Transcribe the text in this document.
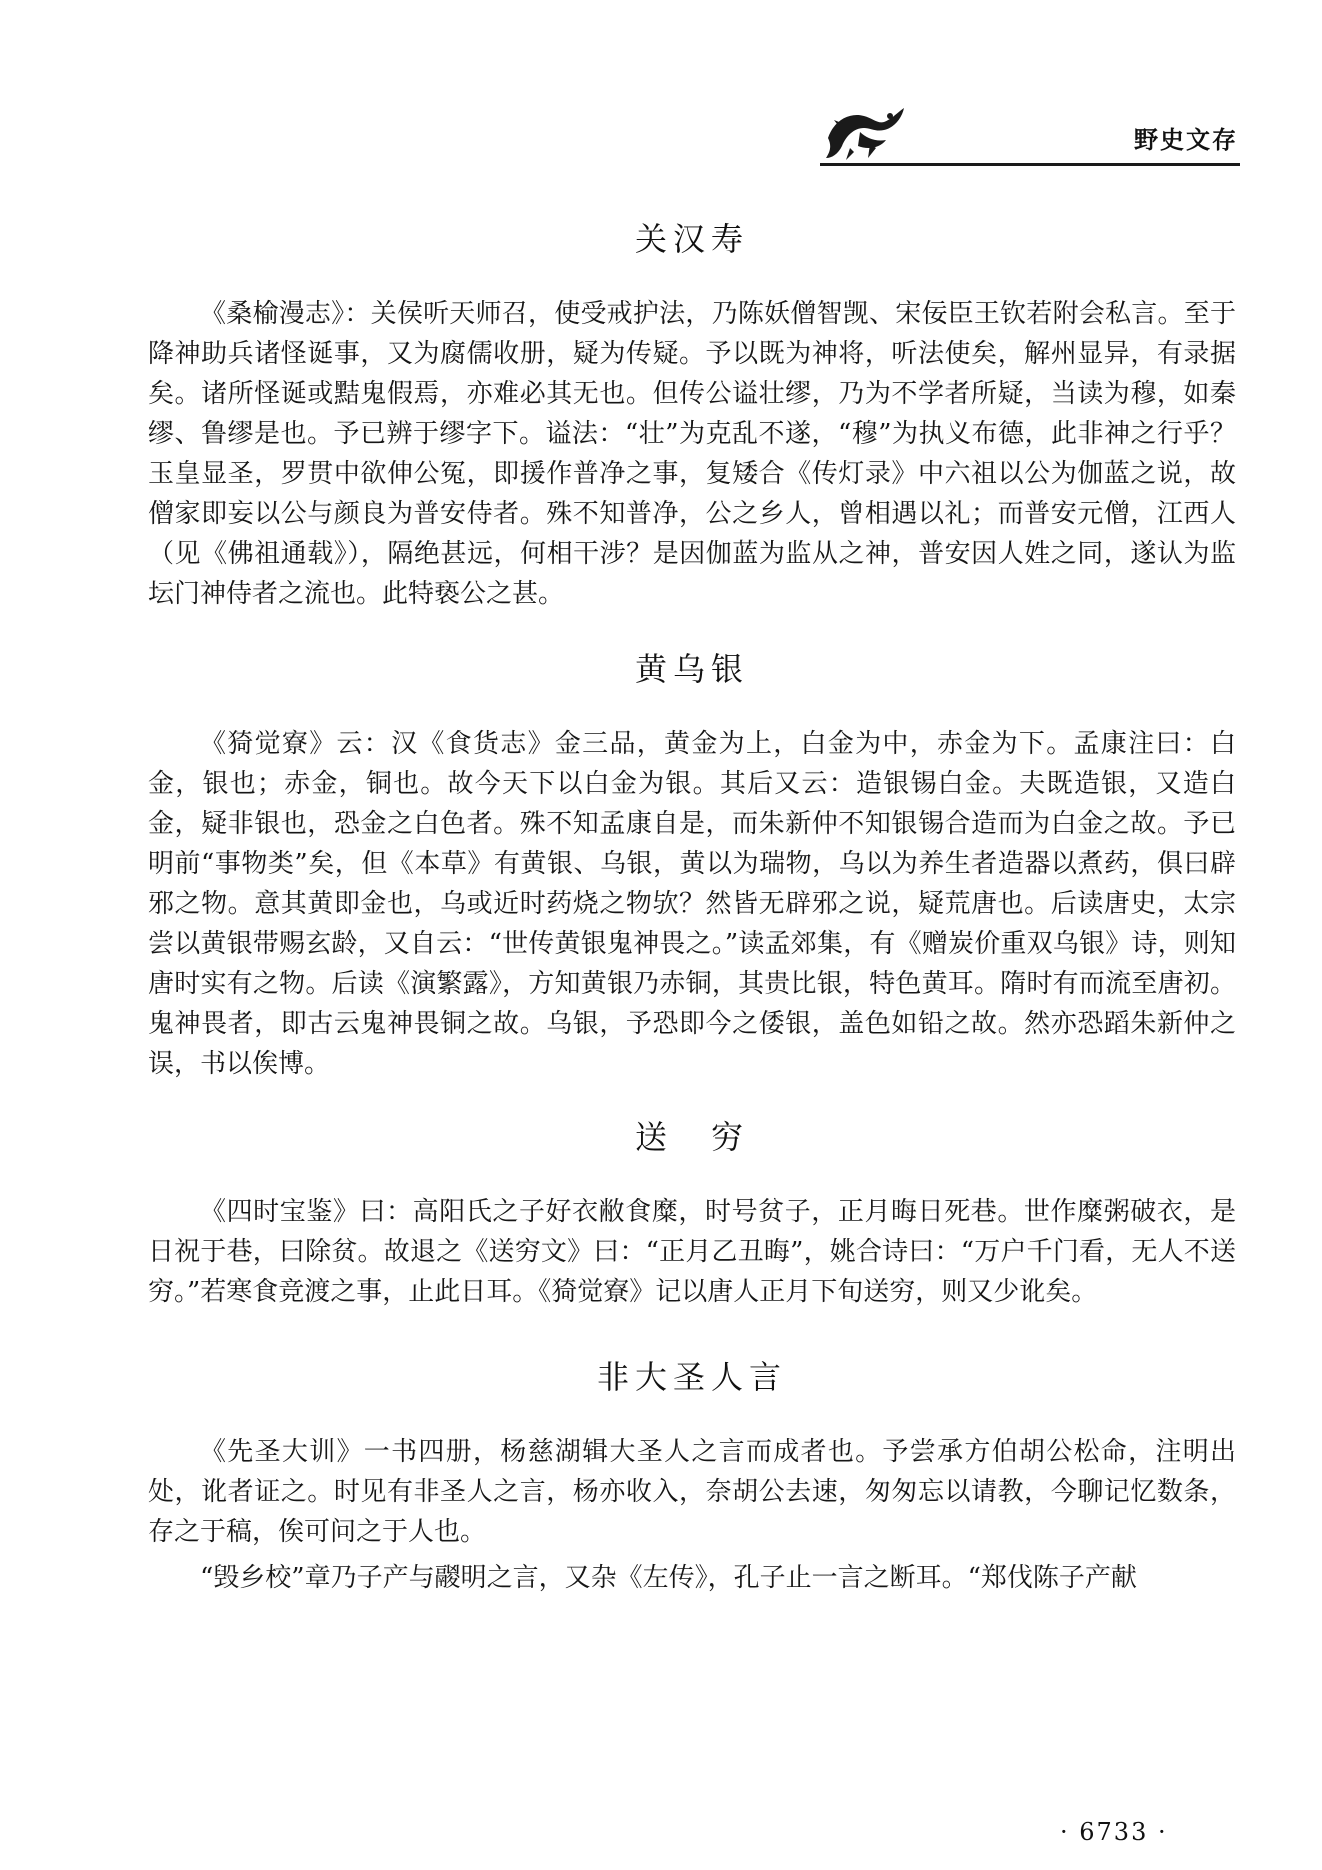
野史文存
关汉寿

《桑榆漫志》：关侯听天师召，使受戒护法，乃陈妖僧智觊、宋佞臣王钦若附会私言。至于降神助兵诸怪诞事，又为腐儒收册，疑为传疑。予以既为神将，听法使矣，解州显异，有录据矣。诸所怪诞或黠鬼假焉，亦难必其无也。但传公谥壮缪，乃为不学者所疑，当读为穆，如秦缪、鲁缪是也。予已辨于缪字下。谥法：“壮”为克乱不遂，“穆”为执义布德，此非神之行乎？玉皇显圣，罗贯中欲伸公冤，即援作普净之事，复矮合《传灯录》中六祖以公为伽蓝之说，故僧家即妄以公与颜良为普安侍者。殊不知普净，公之乡人，曾相遇以礼；而普安元僧，江西人（见《佛祖通载》），隔绝甚远，何相干涉？是因伽蓝为监从之神，普安因人姓之同，遂认为监坛门神侍者之流也。此特亵公之甚。

黄乌银

《猗觉寮》云：汉《食货志》金三品，黄金为上，白金为中，赤金为下。孟康注曰：白金，银也；赤金，铜也。故今天下以白金为银。其后又云：造银锡白金。夫既造银，又造白金，疑非银也，恐金之白色者。殊不知孟康自是，而朱新仲不知银锡合造而为白金之故。予已明前“事物类”矣，但《本草》有黄银、乌银，黄以为瑞物，乌以为养生者造器以煮药，俱曰辟邪之物。意其黄即金也，乌或近时药烧之物欤？然皆无辟邪之说，疑荒唐也。后读唐史，太宗尝以黄银带赐玄龄，又自云：“世传黄银鬼神畏之。”读孟郊集，有《赠炭价重双乌银》诗，则知唐时实有之物。后读《演繁露》，方知黄银乃赤铜，其贵比银，特色黄耳。隋时有而流至唐初。鬼神畏者，即古云鬼神畏铜之故。乌银，予恐即今之倭银，盖色如铅之故。然亦恐蹈朱新仲之误，书以俟博。

送　穷

《四时宝鉴》曰：高阳氏之子好衣敝食糜，时号贫子，正月晦日死巷。世作糜粥破衣，是日祝于巷，曰除贫。故退之《送穷文》曰：“正月乙丑晦”，姚合诗曰：“万户千门看，无人不送穷。”若寒食竞渡之事，止此日耳。《猗觉寮》记以唐人正月下旬送穷，则又少讹矣。

非大圣人言

《先圣大训》一书四册，杨慈湖辑大圣人之言而成者也。予尝承方伯胡公松命，注明出处，讹者证之。时见有非圣人之言，杨亦收入，奈胡公去速，匆匆忘以请教，今聊记忆数条，存之于稿，俟可问之于人也。

“毁乡校”章乃子产与鬷明之言，又杂《左传》，孔子止一言之断耳。“郑伐陈子产献

· 6733 ·
